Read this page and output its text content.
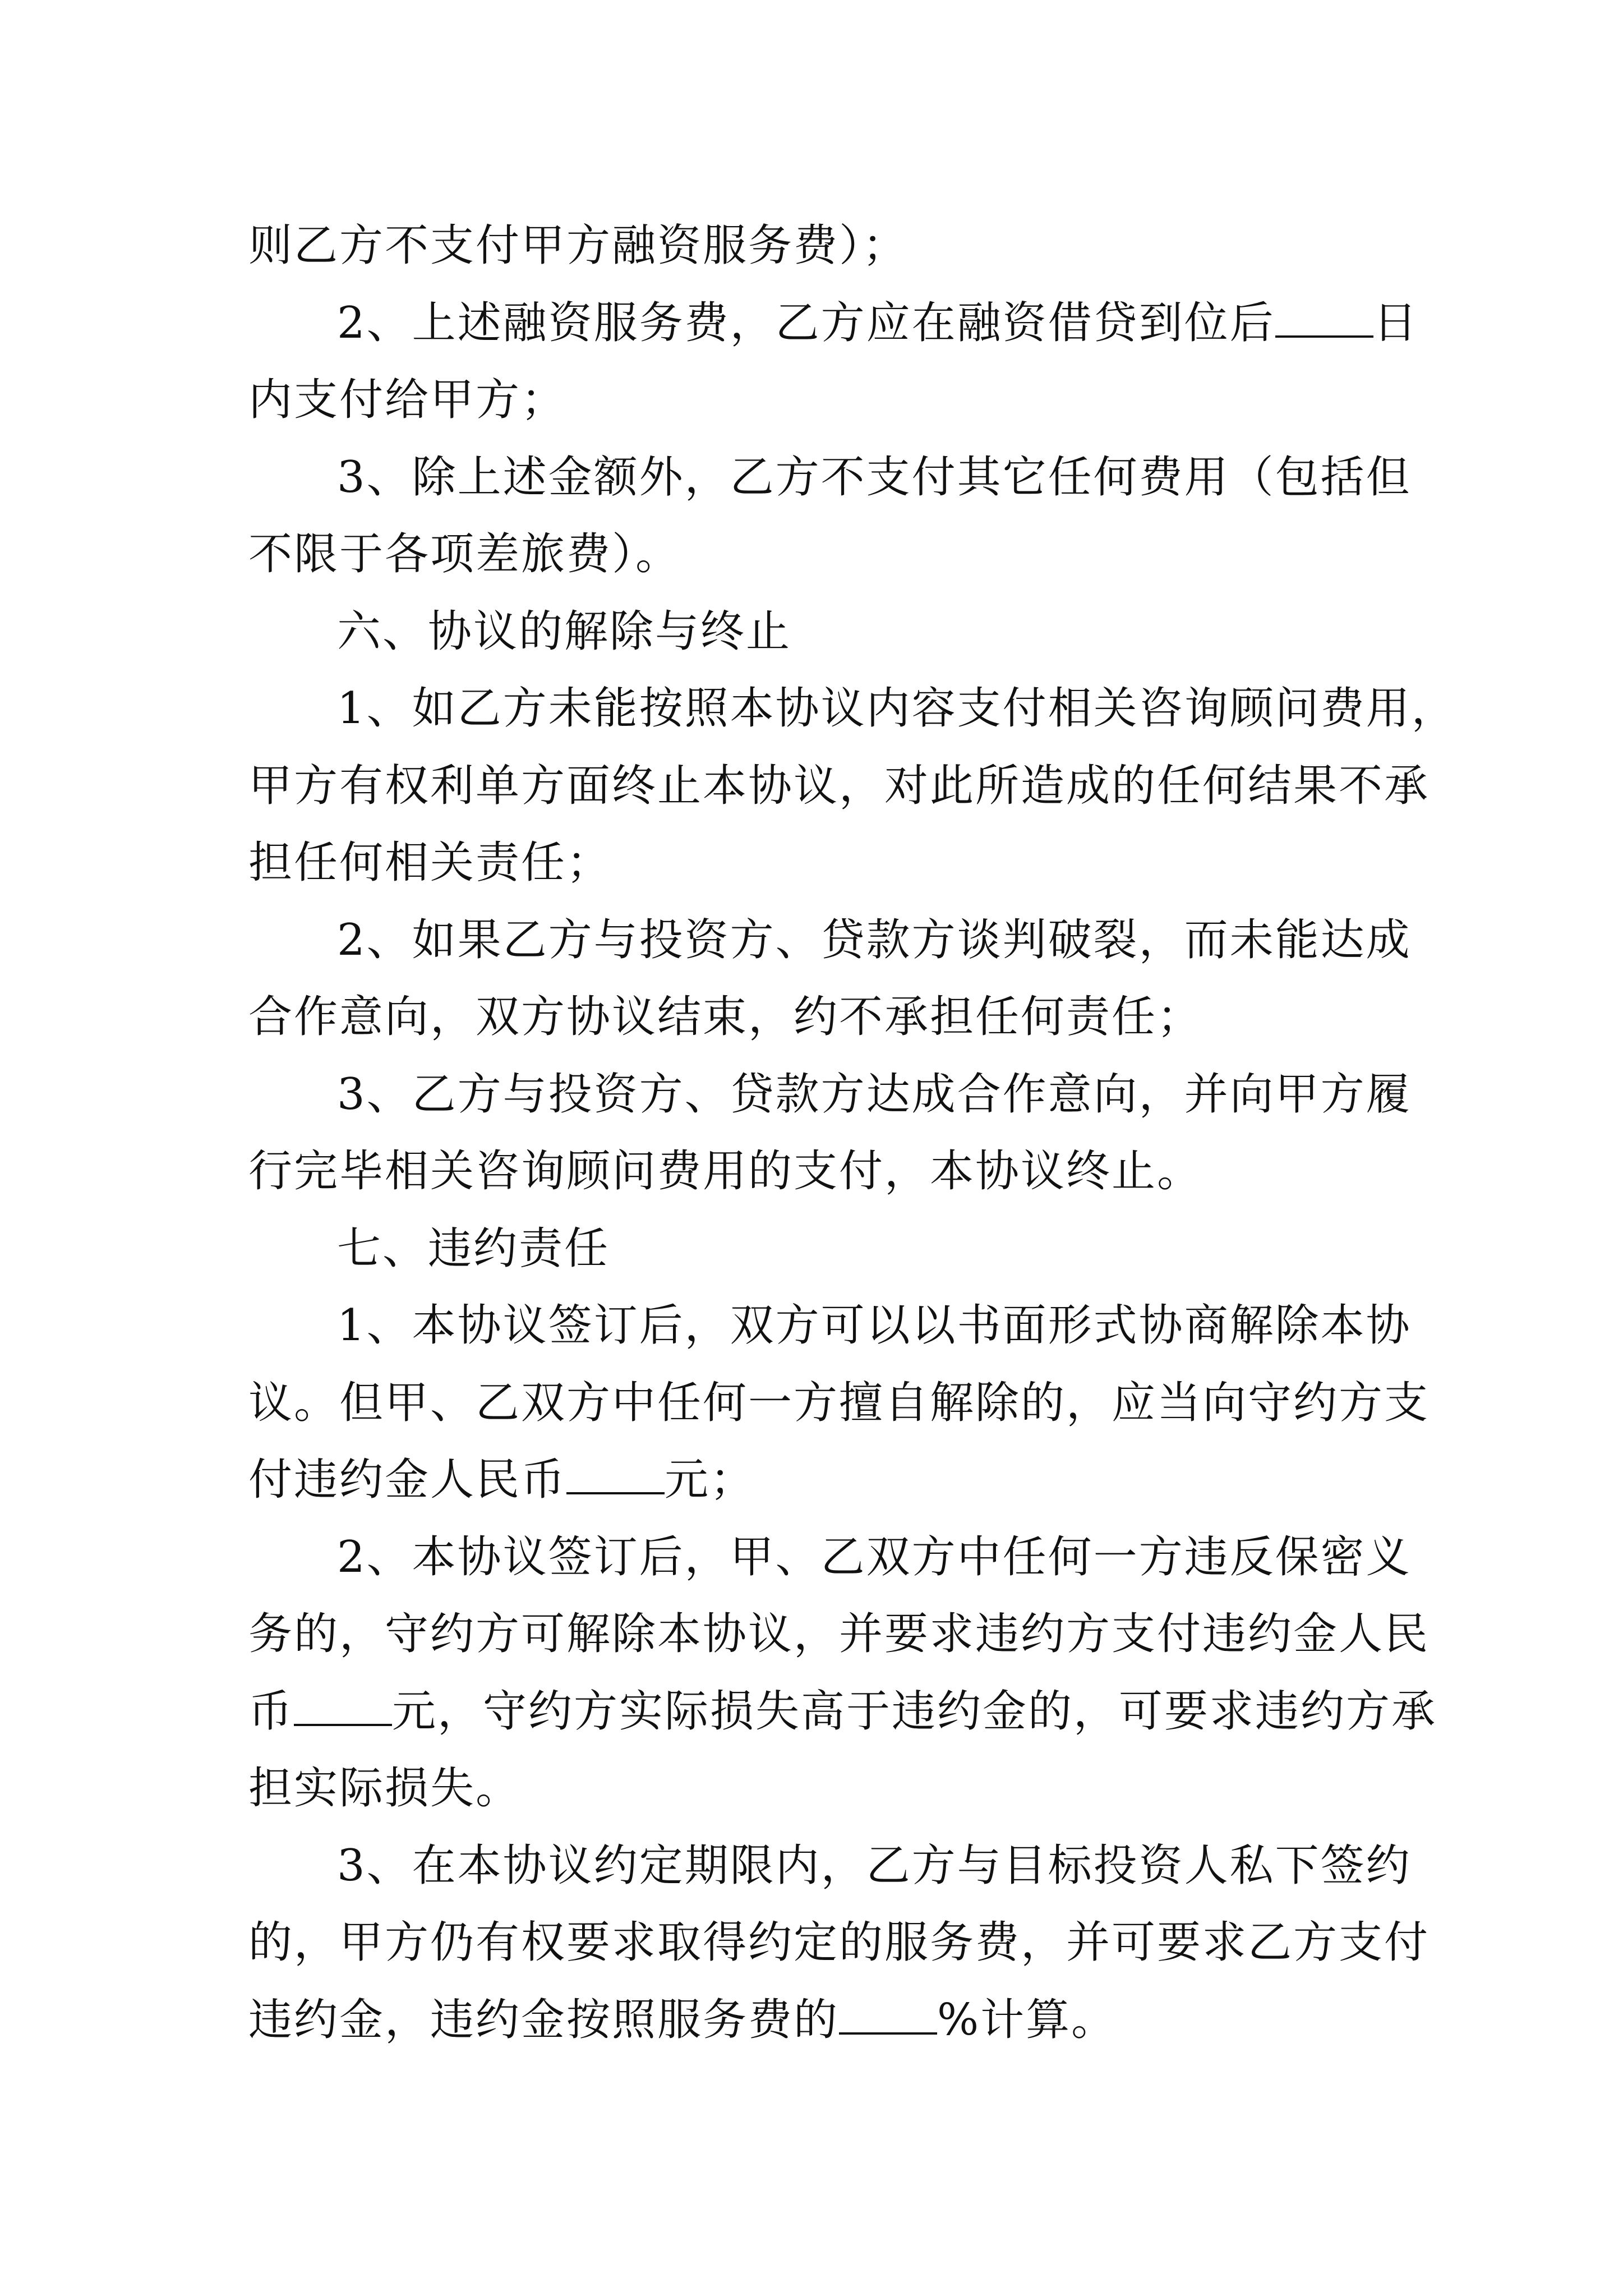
则乙方不支付甲方融资服务费）；
2、上述融资服务费，乙方应在融资借贷到位后 日
内支付给甲方；
3、除上述金额外，乙方不支付其它任何费用（包括但
不限于各项差旅费）。
六、协议的解除与终止
1、如乙方未能按照本协议内容支付相关咨询顾问费用，
甲方有权利单方面终止本协议，对此所造成的任何结果不承
担任何相关责任；
2、如果乙方与投资方、贷款方谈判破裂，而未能达成
合作意向，双方协议结束，约不承担任何责任；
3、乙方与投资方、贷款方达成合作意向，并向甲方履
行完毕相关咨询顾问费用的支付，本协议终止。
七、违约责任
1、本协议签订后，双方可以以书面形式协商解除本协
议。但甲、乙双方中任何一方擅自解除的，应当向守约方支
付违约金人民币 元；
2、本协议签订后，甲、乙双方中任何一方违反保密义
务的，守约方可解除本协议，并要求违约方支付违约金人民
币 元，守约方实际损失高于违约金的，可要求违约方承
担实际损失。
3、在本协议约定期限内，乙方与目标投资人私下签约
的，甲方仍有权要求取得约定的服务费，并可要求乙方支付
违约金，违约金按照服务费的 %计算。
